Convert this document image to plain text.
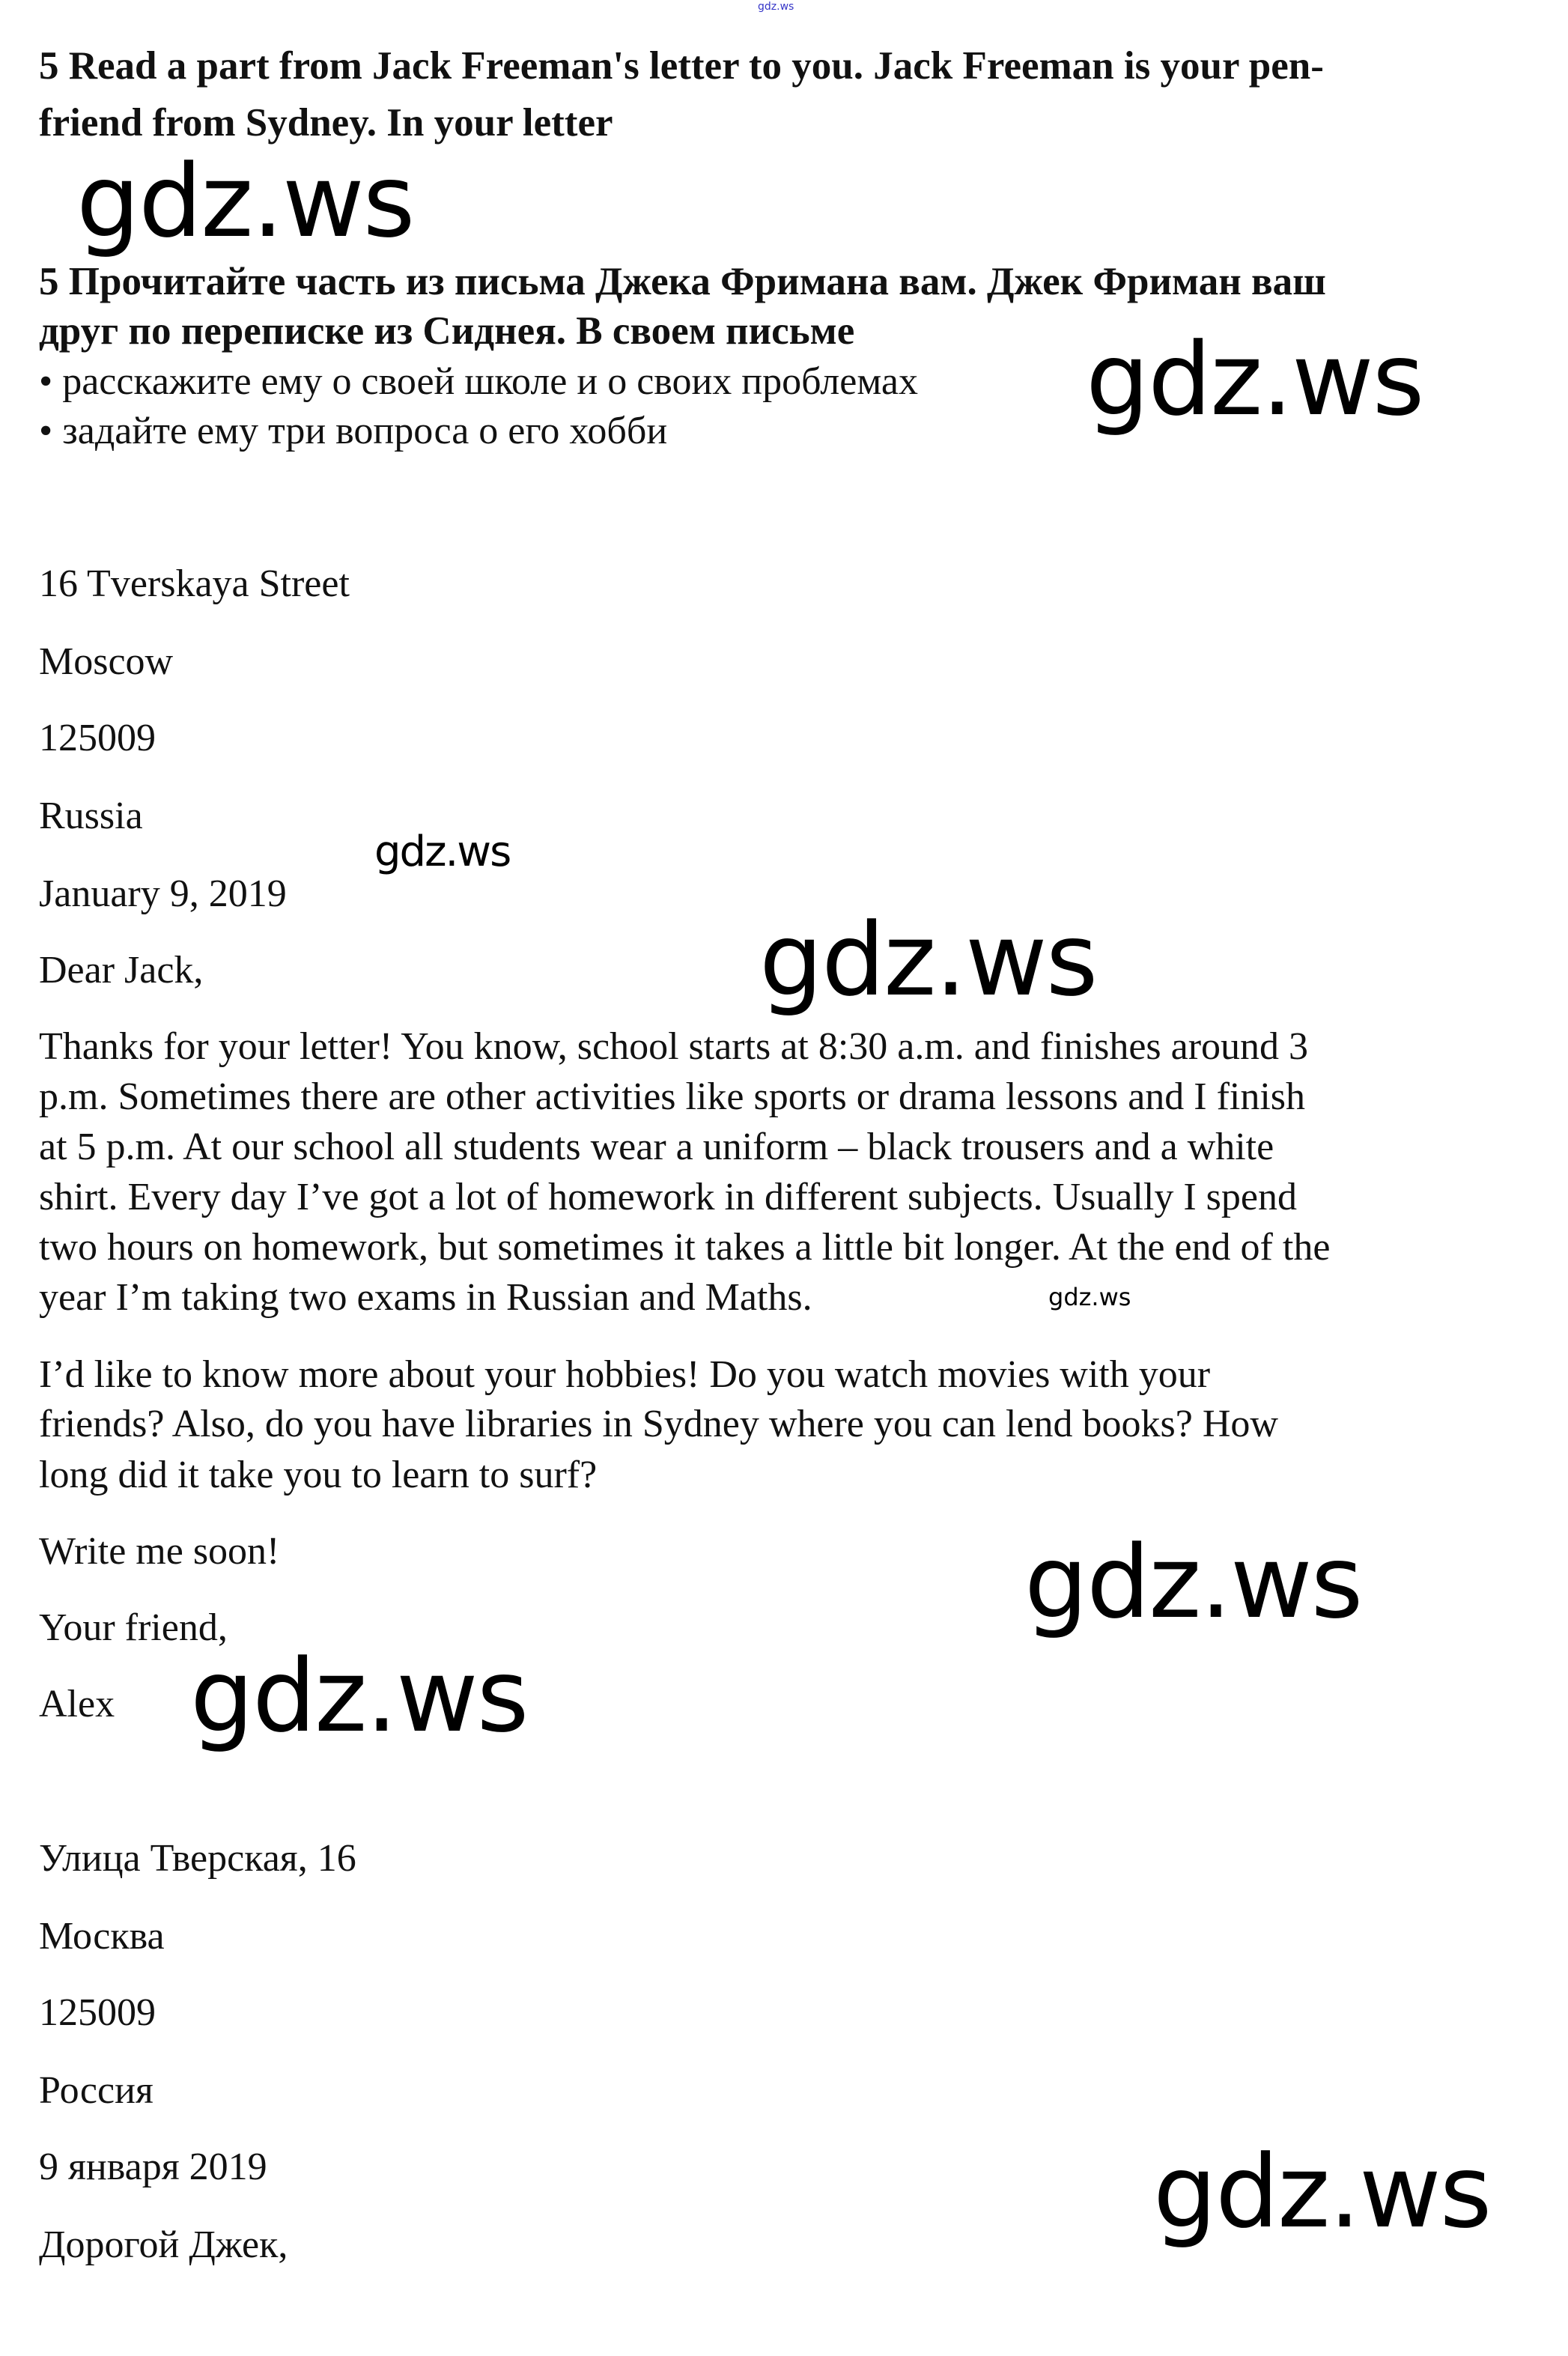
gdz.ws
5 Read a part from Jack Freeman's letter to you. Jack Freeman is your pen-
friend from Sydney. In your letter
gdz.ws
5 Прочитайте часть из письма Джека Фримана вам. Джек Фриман ваш
друг по переписке из Сиднея. В своем письме
• расскажите ему о своей школе и о своих проблемах
• задайте ему три вопроса о его хобби	gdz.ws
16 Tverskaya Street
Moscow
125009
Russia
gdz.ws
January 9, 2019
Dear Jack,	gdz.ws
Thanks for your letter! You know, school starts at 8:30 a.m. and finishes around 3
p.m. Sometimes there are other activities like sports or drama lessons and I finish
at 5 p.m. At our school all students wear a uniform – black trousers and a white
shirt. Every day I’ve got a lot of homework in different subjects. Usually I spend
two hours on homework, but sometimes it takes a little bit longer. At the end of the
year I’m taking two exams in Russian and Maths.	gdz.ws
I’d like to know more about your hobbies! Do you watch movies with your
friends? Also, do you have libraries in Sydney where you can lend books? How
long did it take you to learn to surf?
Write me soon!
Your friend,
Alex
gdz.ws
gdz.ws
Улица Тверская, 16
Москва
125009
Россия
9 января 2019
Дорогой Джек,	gdz.ws
